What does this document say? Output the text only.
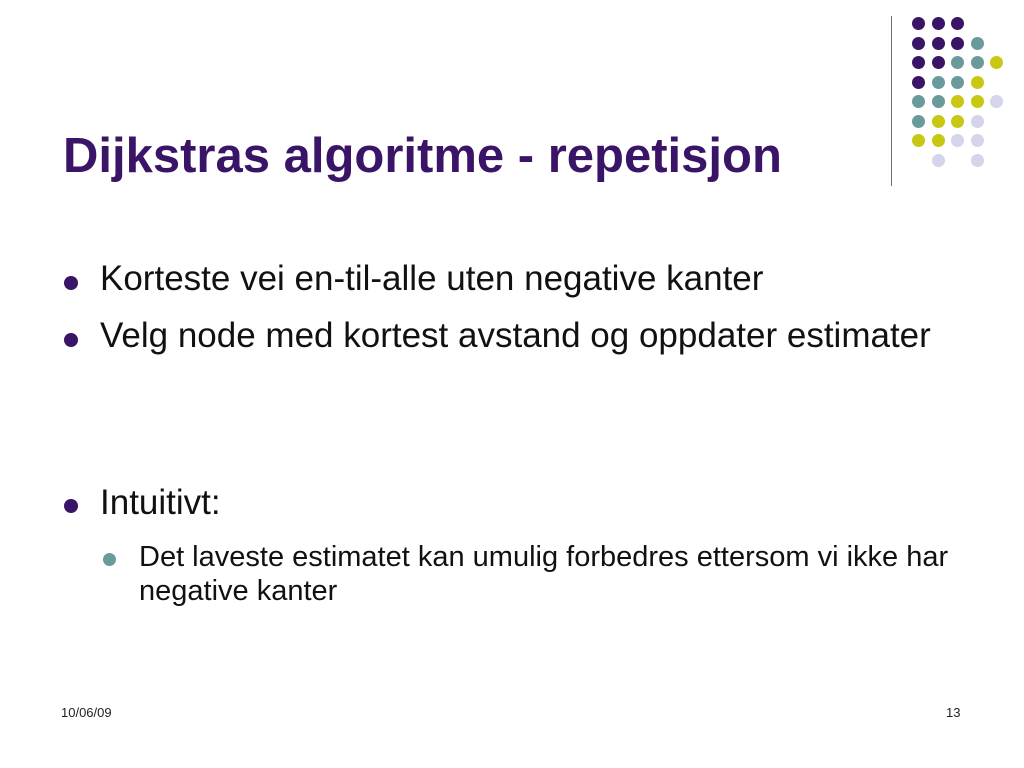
Dijkstras algoritme - repetisjon

Korteste vei en-til-alle uten negative kanter

Velg node med kortest avstand og oppdater estimater

Intuitivt:

Det laveste estimatet kan umulig forbedres ettersom vi ikke har negative kanter

10/06/09	13
